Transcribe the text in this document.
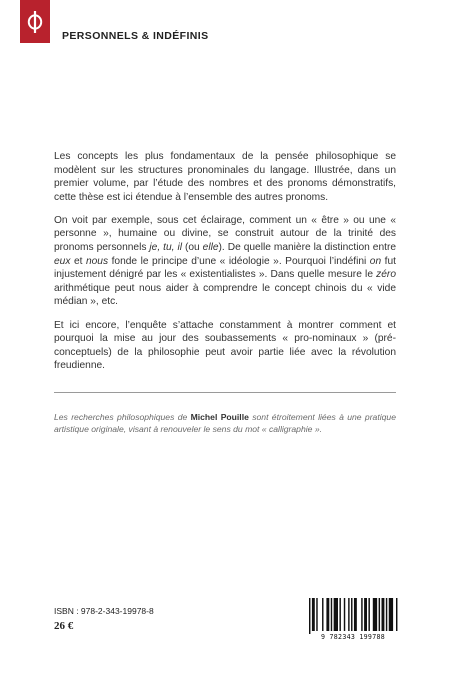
PERSONNELS & INDÉFINIS

Les concepts les plus fondamentaux de la pensée philosophique se modèlent sur les structures pronominales du langage. Illustrée, dans un premier volume, par l’étude des nombres et des pronoms démonstratifs, cette thèse est ici étendue à l’ensemble des autres pronoms.

On voit par exemple, sous cet éclairage, comment un « être » ou une « personne », humaine ou divine, se construit autour de la trinité des pronoms personnels je, tu, il (ou elle). De quelle manière la distinction entre eux et nous fonde le principe d’une « idéologie ». Pourquoi l’indéfini on fut injustement dénigré par les « existentialistes ». Dans quelle mesure le zéro arithmétique peut nous aider à comprendre le concept chinois du « vide médian », etc.

Et ici encore, l’enquête s’attache constamment à montrer comment et pourquoi la mise au jour des soubassements « pro-nominaux » (pré-conceptuels) de la philosophie peut avoir partie liée avec la révolution freudienne.

Les recherches philosophiques de Michel Pouille sont étroitement liées à une pratique artistique originale, visant à renouveler le sens du mot « calligraphie ».
ISBN : 978-2-343-19978-8
26 €
9 782343 199788
